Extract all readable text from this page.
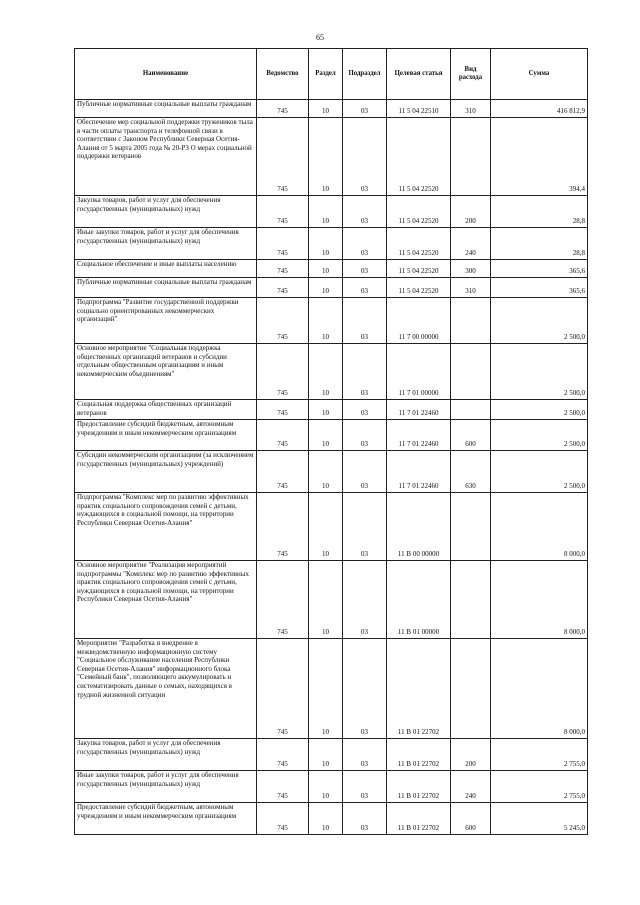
65
Наименование	Ведомство	Раздел	Подраздел	Целевая статья	Вид расхода	Сумма
Публичные нормативные социальные выплаты гражданам	745	10	03	11 5 04 22510	310	416 812,9
Обеспечение мер социальной поддержки тружеников тыла в части оплаты транспорта и телефонной связи в соответствии с Законом Республики Северная Осетия-Алания от 5 марта 2005 года № 20-РЗ О мерах социальной поддержки ветеранов	745	10	03	11 5 04 22520		394,4
Закупка товаров, работ и услуг для обеспечения государственных (муниципальных) нужд	745	10	03	11 5 04 22520	200	28,8
Иные закупки товаров, работ и услуг для обеспечения государственных (муниципальных) нужд	745	10	03	11 5 04 22520	240	28,8
Социальное обеспечение и иные выплаты населению	745	10	03	11 5 04 22520	300	365,6
Публичные нормативные социальные выплаты гражданам	745	10	03	11 5 04 22520	310	365,6
Подпрограмма "Развитие государственной поддержки социально ориентированных некоммерческих организаций"	745	10	03	11 7 00 00000		2 500,0
Основное мероприятие "Социальная поддержка общественных организаций ветеранов и субсидии отдельным общественным организациям и иным некоммерческим объединениям"	745	10	03	11 7 01 00000		2 500,0
Социальная поддержка общественных организаций ветеранов	745	10	03	11 7 01 22460		2 500,0
Предоставление субсидий бюджетным, автономным учреждениям и иным некоммерческим организациям	745	10	03	11 7 01 22460	600	2 500,0
Субсидии некоммерческим организациям (за исключением государственных (муниципальных) учреждений)	745	10	03	11 7 01 22460	630	2 500,0
Подпрограмма "Комплекс мер по развитию эффективных практик социального сопровождения семей с детьми, нуждающихся в социальной помощи, на территории Республики Северная Осетия-Алания"	745	10	03	11 В 00 00000		8 000,0
Основное мероприятие "Реализация мероприятий подпрограммы "Комплекс мер по развитию эффективных практик социального сопровождения семей с детьми, нуждающихся в социальной помощи, на территории Республики Северная Осетия-Алания"	745	10	03	11 В 01 00000		8 000,0
Мероприятие "Разработка и внедрение в межведомственную информационную систему "Социальное обслуживание населения Республики Северная Осетия-Алания" информационного блока "Семейный банк", позволяющего аккумулировать и систематизировать данные о семьях, находящихся в трудной жизненной ситуации	745	10	03	11 В 01 22702		8 000,0
Закупка товаров, работ и услуг для обеспечения государственных (муниципальных) нужд	745	10	03	11 В 01 22702	200	2 755,0
Иные закупки товаров, работ и услуг для обеспечения государственных (муниципальных) нужд	745	10	03	11 В 01 22702	240	2 755,0
Предоставление субсидий бюджетным, автономным учреждениям и иным некоммерческим организациям	745	10	03	11 В 01 22702	600	5 245,0
